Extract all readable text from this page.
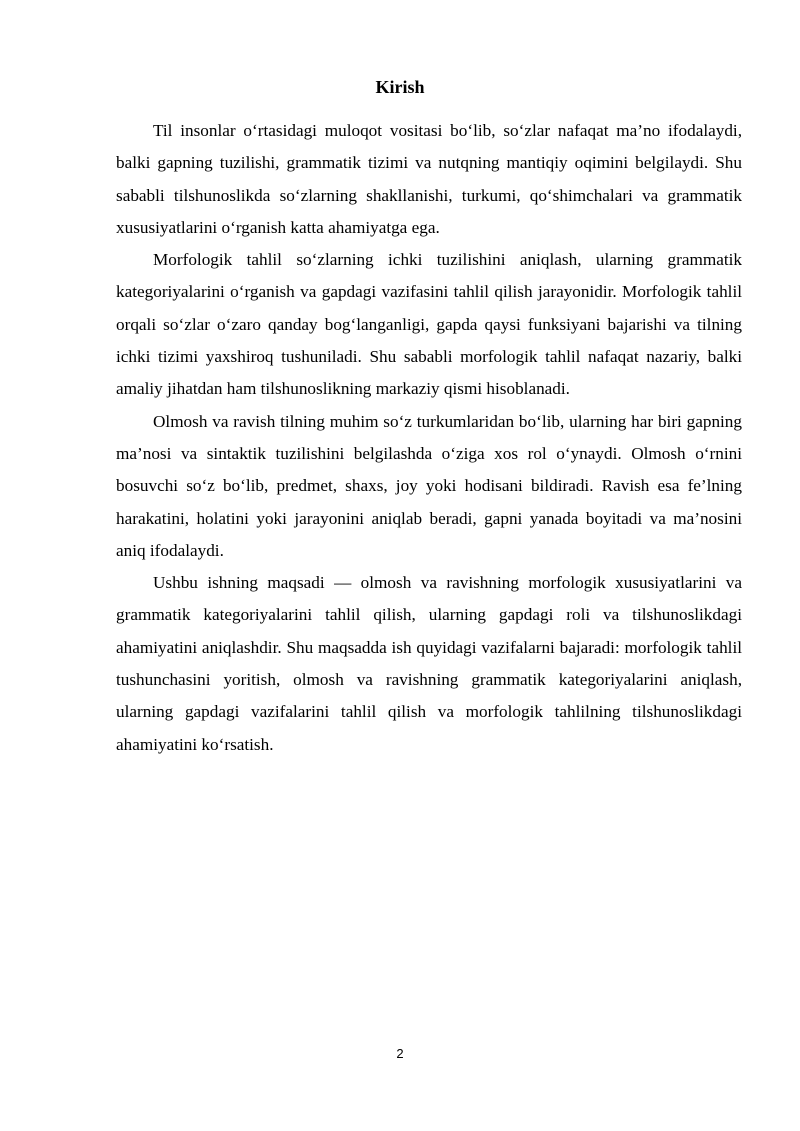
Kirish

Til insonlar o‘rtasidagi muloqot vositasi bo‘lib, so‘zlar nafaqat ma’no ifodalaydi, balki gapning tuzilishi, grammatik tizimi va nutqning mantiqiy oqimini belgilaydi. Shu sababli tilshunoslikda so‘zlarning shakllanishi, turkumi, qo‘shimchalari va grammatik xususiyatlarini o‘rganish katta ahamiyatga ega.

Morfologik tahlil so‘zlarning ichki tuzilishini aniqlash, ularning grammatik kategoriyalarini o‘rganish va gapdagi vazifasini tahlil qilish jarayonidir. Morfologik tahlil orqali so‘zlar o‘zaro qanday bog‘langanligi, gapda qaysi funksiyani bajarishi va tilning ichki tizimi yaxshiroq tushuniladi. Shu sababli morfologik tahlil nafaqat nazariy, balki amaliy jihatdan ham tilshunoslikning markaziy qismi hisoblanadi.

Olmosh va ravish tilning muhim so‘z turkumlaridan bo‘lib, ularning har biri gapning ma’nosi va sintaktik tuzilishini belgilashda o‘ziga xos rol o‘ynaydi. Olmosh o‘rnini bosuvchi so‘z bo‘lib, predmet, shaxs, joy yoki hodisani bildiradi. Ravish esa fe’lning harakatini, holatini yoki jarayonini aniqlab beradi, gapni yanada boyitadi va ma’nosini aniq ifodalaydi.

Ushbu ishning maqsadi — olmosh va ravishning morfologik xususiyatlarini va grammatik kategoriyalarini tahlil qilish, ularning gapdagi roli va tilshunoslikdagi ahamiyatini aniqlashdir. Shu maqsadda ish quyidagi vazifalarni bajaradi: morfologik tahlil tushunchasini yoritish, olmosh va ravishning grammatik kategoriyalarini aniqlash, ularning gapdagi vazifalarini tahlil qilish va morfologik tahlilning tilshunoslikdagi ahamiyatini ko‘rsatish.

2
